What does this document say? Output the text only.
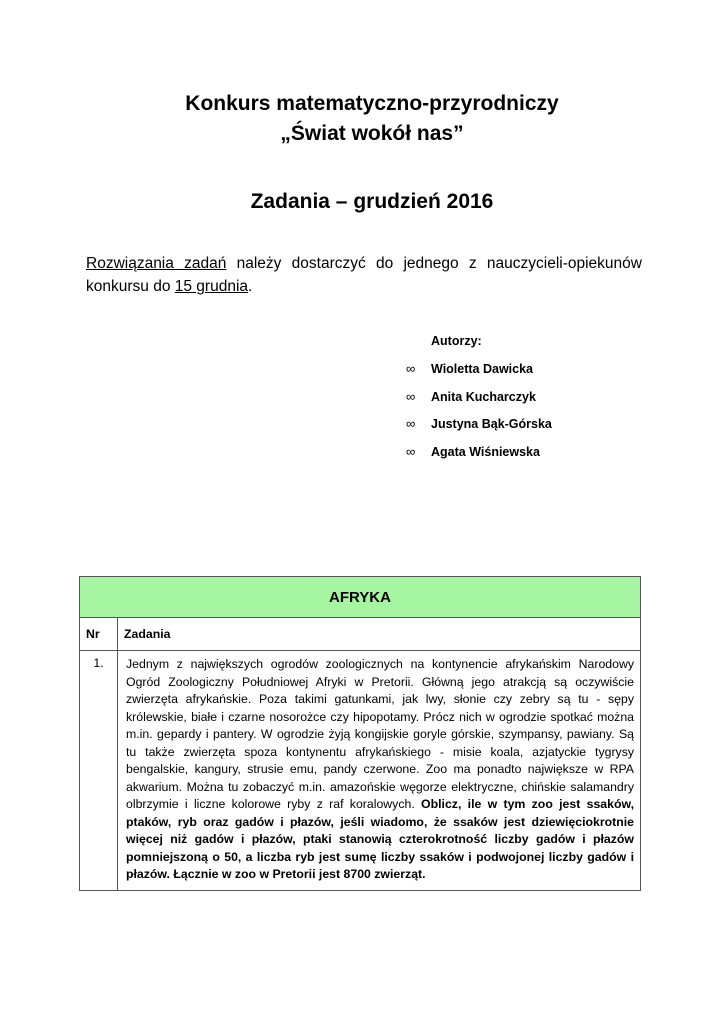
Konkurs matematyczno-przyrodniczy
„Świat wokół nas”
Zadania – grudzień 2016
Rozwiązania zadań należy dostarczyć do jednego z nauczycieli-opiekunów konkursu do 15 grudnia.
Autorzy:
∞	Wioletta Dawicka
∞	Anita Kucharczyk
∞	Justyna Bąk-Górska
∞	Agata Wiśniewska
AFRYKA	
Nr	Zadania
1.	Jednym z największych ogrodów zoologicznych na kontynencie afrykańskim Narodowy Ogród Zoologiczny Południowej Afryki w Pretorii. Główną jego atrakcją są oczywiście zwierzęta afrykańskie. Poza takimi gatunkami, jak lwy, słonie czy zebry są tu - sępy królewskie, białe i czarne nosorożce czy hipopotamy. Prócz nich w ogrodzie spotkać można m.in. gepardy i pantery. W ogrodzie żyją kongijskie goryle górskie, szympansy, pawiany. Są tu także zwierzęta spoza kontynentu afrykańskiego - misie koala, azjatyckie tygrysy bengalskie, kangury, strusie emu, pandy czerwone. Zoo ma ponadto największe w RPA akwarium. Można tu zobaczyć m.in. amazońskie węgorze elektryczne, chińskie salamandry olbrzymie i liczne kolorowe ryby z raf koralowych. Oblicz, ile w tym zoo jest ssaków, ptaków, ryb oraz gadów i płazów, jeśli wiadomo, że ssaków jest dziewięciokrotnie więcej niż gadów i płazów, ptaki stanowią czterokrotność liczby gadów i płazów pomniejszoną o 50, a liczba ryb jest sumę liczby ssaków i podwojonej liczby gadów i płazów. Łącznie w zoo w Pretorii jest 8700 zwierząt.
